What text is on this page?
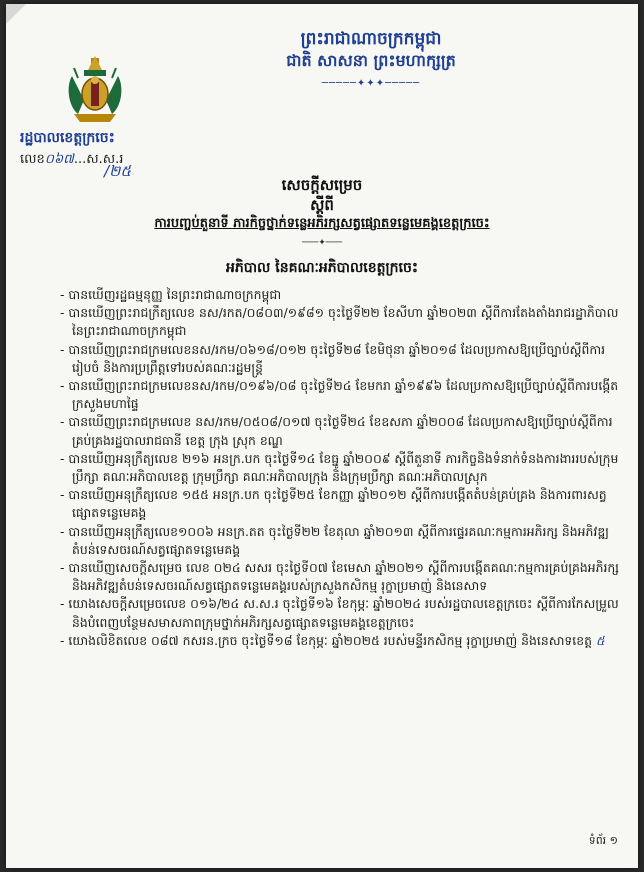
ព្រះរាជាណាចក្រកម្ពុជា
ជាតិ សាសនា ព្រះមហាក្សត្រ
─────✦✦✦─────
រដ្ឋបាលខេត្តក្រចេះ
លេខ០៦៧...ស.ស.រ
/២៥
សេចក្តីសម្រេច
ស្តីពី
ការបញ្ចប់តួនាទី ភារកិច្ចថ្នាក់ទន្លេអភិរក្សសត្វផ្សោតទន្លេមេគង្គខេត្តក្រចេះ
───✦───
អភិបាល នៃគណៈអភិបាលខេត្តក្រចេះ
- បានឃើញរដ្ឋធម្មនុញ្ញ នៃព្រះរាជាណាចក្រកម្ពុជា
- បានឃើញព្រះរាជក្រឹត្យលេខ នស/រកត/០៨០៣/១៩៨១ ចុះថ្ងៃទី២២ ខែសីហា ឆ្នាំ២០២៣ ស្តីពីការតែងតាំងរាជរដ្ឋាភិបាល នៃព្រះរាជាណាចក្រកម្ពុជា
- បានឃើញព្រះរាជក្រមលេខនស/រកម/០៦១៨/០១២ ចុះថ្ងៃទី២៨ ខែមិថុនា ឆ្នាំ២០១៨ ដែលប្រកាសឱ្យប្រើច្បាប់ស្តីពីការរៀបចំ និងការប្រព្រឹត្តទៅរបស់គណៈរដ្ឋមន្ត្រី
- បានឃើញព្រះរាជក្រមលេខនស/រកម/០១៩៦/០៨ ចុះថ្ងៃទី២៤ ខែមករា ឆ្នាំ១៩៩៦ ដែលប្រកាសឱ្យប្រើច្បាប់ស្តីពីការបង្កើតក្រសួងមហាផ្ទៃ
- បានឃើញព្រះរាជក្រមលេខ នស/រកម/០៥០៨/០១៧ ចុះថ្ងៃទី២៤ ខែឧសភា ឆ្នាំ២០០៨ ដែលប្រកាសឱ្យប្រើច្បាប់ស្តីពីការគ្រប់គ្រងរដ្ឋបាលរាជធានី ខេត្ត ក្រុង ស្រុក ខណ្ឌ
- បានឃើញអនុក្រឹត្យលេខ ២១៦ អនក្រ.បក ចុះថ្ងៃទី១៤ ខែធ្នូ ឆ្នាំ២០០៩ ស្តីពីតួនាទី ភារកិច្ចនិងទំនាក់ទំនងការងាររបស់ក្រុមប្រឹក្សា គណៈអភិបាលខេត្ត ក្រុមប្រឹក្សា គណៈអភិបាលក្រុង និងក្រុមប្រឹក្សា គណៈអភិបាលស្រុក
- បានឃើញអនុក្រឹត្យលេខ ១៥៥ អនក្រ.បក ចុះថ្ងៃទី២៥ ខែកញ្ញា ឆ្នាំ២០១២ ស្តីពីការបង្កើតតំបន់គ្រប់គ្រង និងការពារសត្វផ្សោតទន្លេមេគង្គ
- បានឃើញអនុក្រឹត្យលេខ១០០៦ អនក្រ.តត ចុះថ្ងៃទី២២ ខែតុលា ឆ្នាំ២០១៣ ស្តីពីការផ្ទេរគណៈកម្មការអភិរក្ស និងអភិវឌ្ឍតំបន់ទេសចរណ៍សត្វផ្សោតទន្លេមេគង្គ
- បានឃើញសេចក្តីសម្រេច លេខ ០២៤ សសរ ចុះថ្ងៃទី០៧ ខែមេសា ឆ្នាំ២០២១ ស្តីពីការបង្កើតគណៈកម្មការគ្រប់គ្រងអភិរក្ស និងអភិវឌ្ឍតំបន់ទេសចរណ៍សត្វផ្សោតទន្លេមេគង្គរបស់ក្រសួងកសិកម្ម រុក្ខាប្រមាញ់ និងនេសាទ
- យោងសេចក្តីសម្រេចលេខ ០១៦/២៤ ស.ស.រ ចុះថ្ងៃទី១៦ ខែកុម្ភៈ ឆ្នាំ២០២៤ របស់រដ្ឋបាលខេត្តក្រចេះ ស្តីពីការកែសម្រួល និងបំពេញបន្ថែមសមាសភាពក្រុមថ្នាក់អភិរក្សសត្វផ្សោតទន្លេមេគង្គខេត្តក្រចេះ
- យោងលិខិតលេខ ០៨៧ កសរន.ក្រច ចុះថ្ងៃទី១៨ ខែកុម្ភៈ ឆ្នាំ២០២៥ របស់មន្ទីរកសិកម្ម រុក្ខាប្រមាញ់ និងនេសាទខេត្ត ៥
ទំព័រ ១
